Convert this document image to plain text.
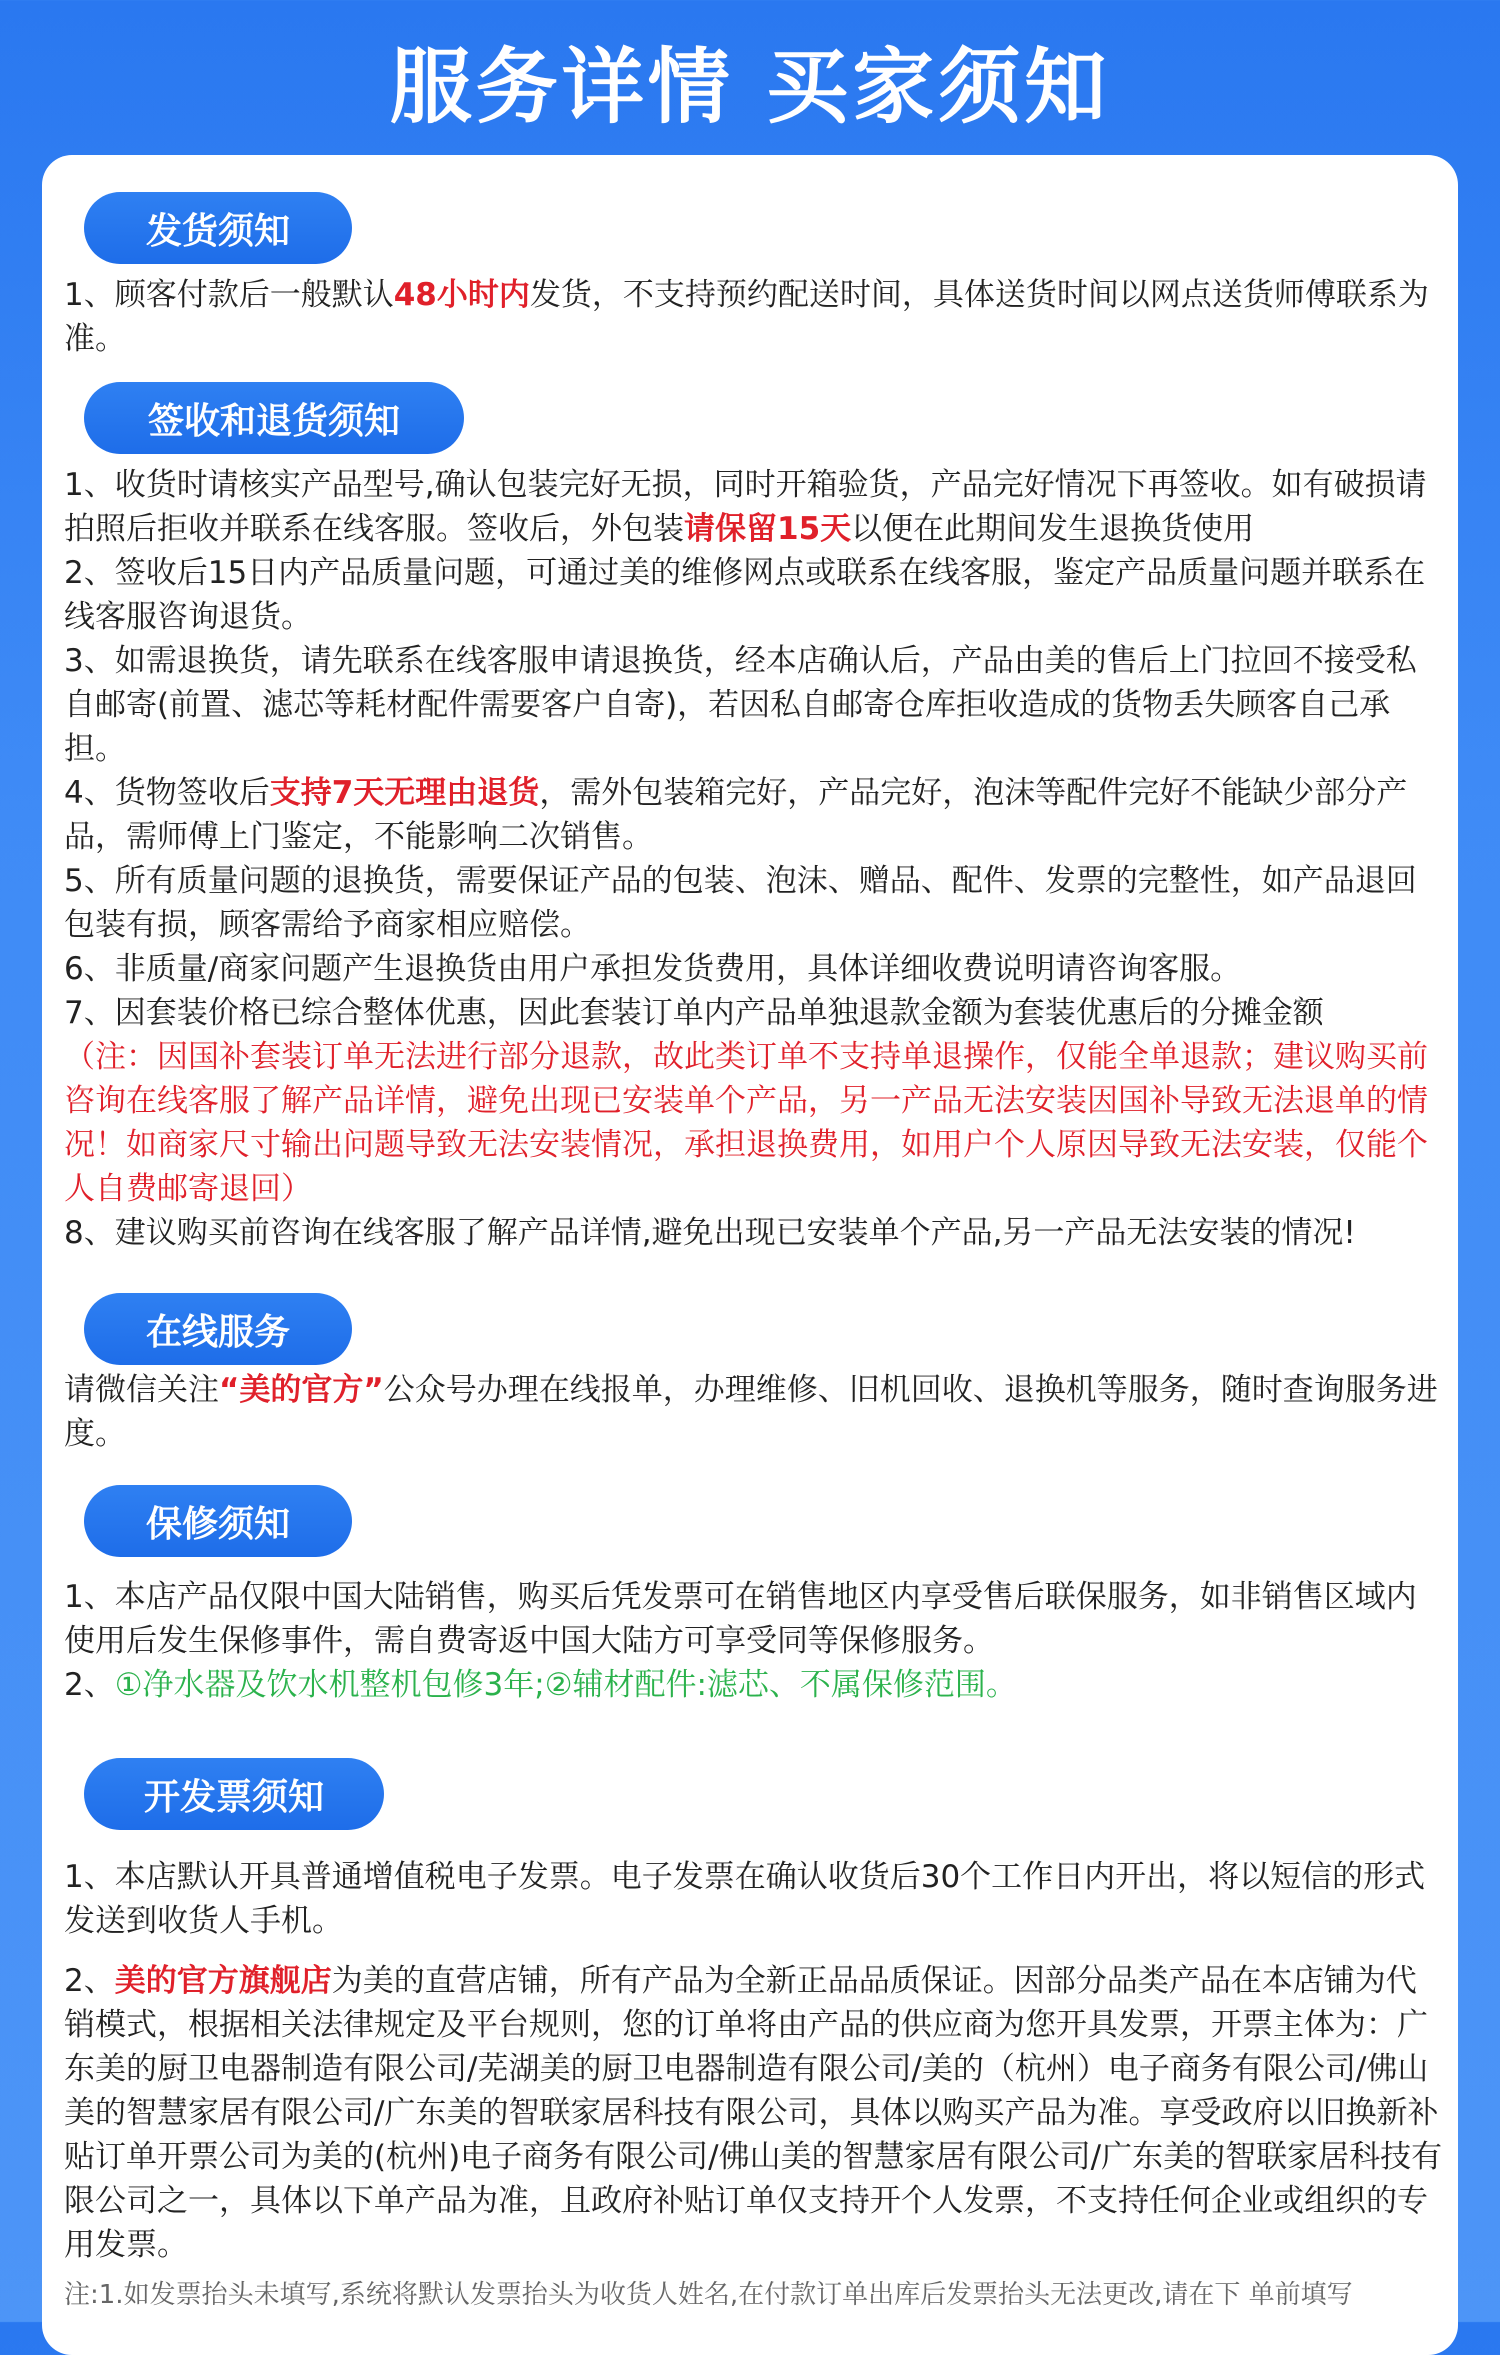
服务详情 买家须知
发货须知
1、顾客付款后一般默认48小时内发货，不支持预约配送时间，具体送货时间以网点送货师傅联系为准。
签收和退货须知
1、收货时请核实产品型号,确认包装完好无损，同时开箱验货，产品完好情况下再签收。如有破损请拍照后拒收并联系在线客服。签收后，外包装请保留15天以便在此期间发生退换货使用
2、签收后15日内产品质量问题，可通过美的维修网点或联系在线客服，鉴定产品质量问题并联系在线客服咨询退货。
3、如需退换货，请先联系在线客服申请退换货，经本店确认后，产品由美的售后上门拉回不接受私自邮寄(前置、滤芯等耗材配件需要客户自寄)，若因私自邮寄仓库拒收造成的货物丢失顾客自己承担。
4、货物签收后支持7天无理由退货，需外包装箱完好，产品完好，泡沫等配件完好不能缺少部分产品，需师傅上门鉴定，不能影响二次销售。
5、所有质量问题的退换货，需要保证产品的包装、泡沫、赠品、配件、发票的完整性，如产品退回包装有损，顾客需给予商家相应赔偿。
6、非质量/商家问题产生退换货由用户承担发货费用，具体详细收费说明请咨询客服。
7、因套装价格已综合整体优惠，因此套装订单内产品单独退款金额为套装优惠后的分摊金额
（注：因国补套装订单无法进行部分退款，故此类订单不支持单退操作，仅能全单退款；建议购买前咨询在线客服了解产品详情，避免出现已安装单个产品，另一产品无法安装因国补导致无法退单的情况！如商家尺寸输出问题导致无法安装情况，承担退换费用，如用户个人原因导致无法安装，仅能个人自费邮寄退回）
8、建议购买前咨询在线客服了解产品详情,避免出现已安装单个产品,另一产品无法安装的情况!
在线服务
请微信关注“美的官方”公众号办理在线报单，办理维修、旧机回收、退换机等服务，随时查询服务进度。
保修须知
1、本店产品仅限中国大陆销售，购买后凭发票可在销售地区内享受售后联保服务，如非销售区域内使用后发生保修事件，需自费寄返中国大陆方可享受同等保修服务。
2、①净水器及饮水机整机包修3年;②辅材配件:滤芯、不属保修范围。
开发票须知
1、本店默认开具普通增值税电子发票。电子发票在确认收货后30个工作日内开出，将以短信的形式发送到收货人手机。
2、美的官方旗舰店为美的直营店铺，所有产品为全新正品品质保证。因部分品类产品在本店铺为代销模式，根据相关法律规定及平台规则，您的订单将由产品的供应商为您开具发票，开票主体为：广东美的厨卫电器制造有限公司/芜湖美的厨卫电器制造有限公司/美的（杭州）电子商务有限公司/佛山美的智慧家居有限公司/广东美的智联家居科技有限公司，具体以购买产品为准。享受政府以旧换新补贴订单开票公司为美的(杭州)电子商务有限公司/佛山美的智慧家居有限公司/广东美的智联家居科技有限公司之一，具体以下单产品为准，且政府补贴订单仅支持开个人发票，不支持任何企业或组织的专用发票。
注:1.如发票抬头未填写,系统将默认发票抬头为收货人姓名,在付款订单出库后发票抬头无法更改,请在下 单前填写
